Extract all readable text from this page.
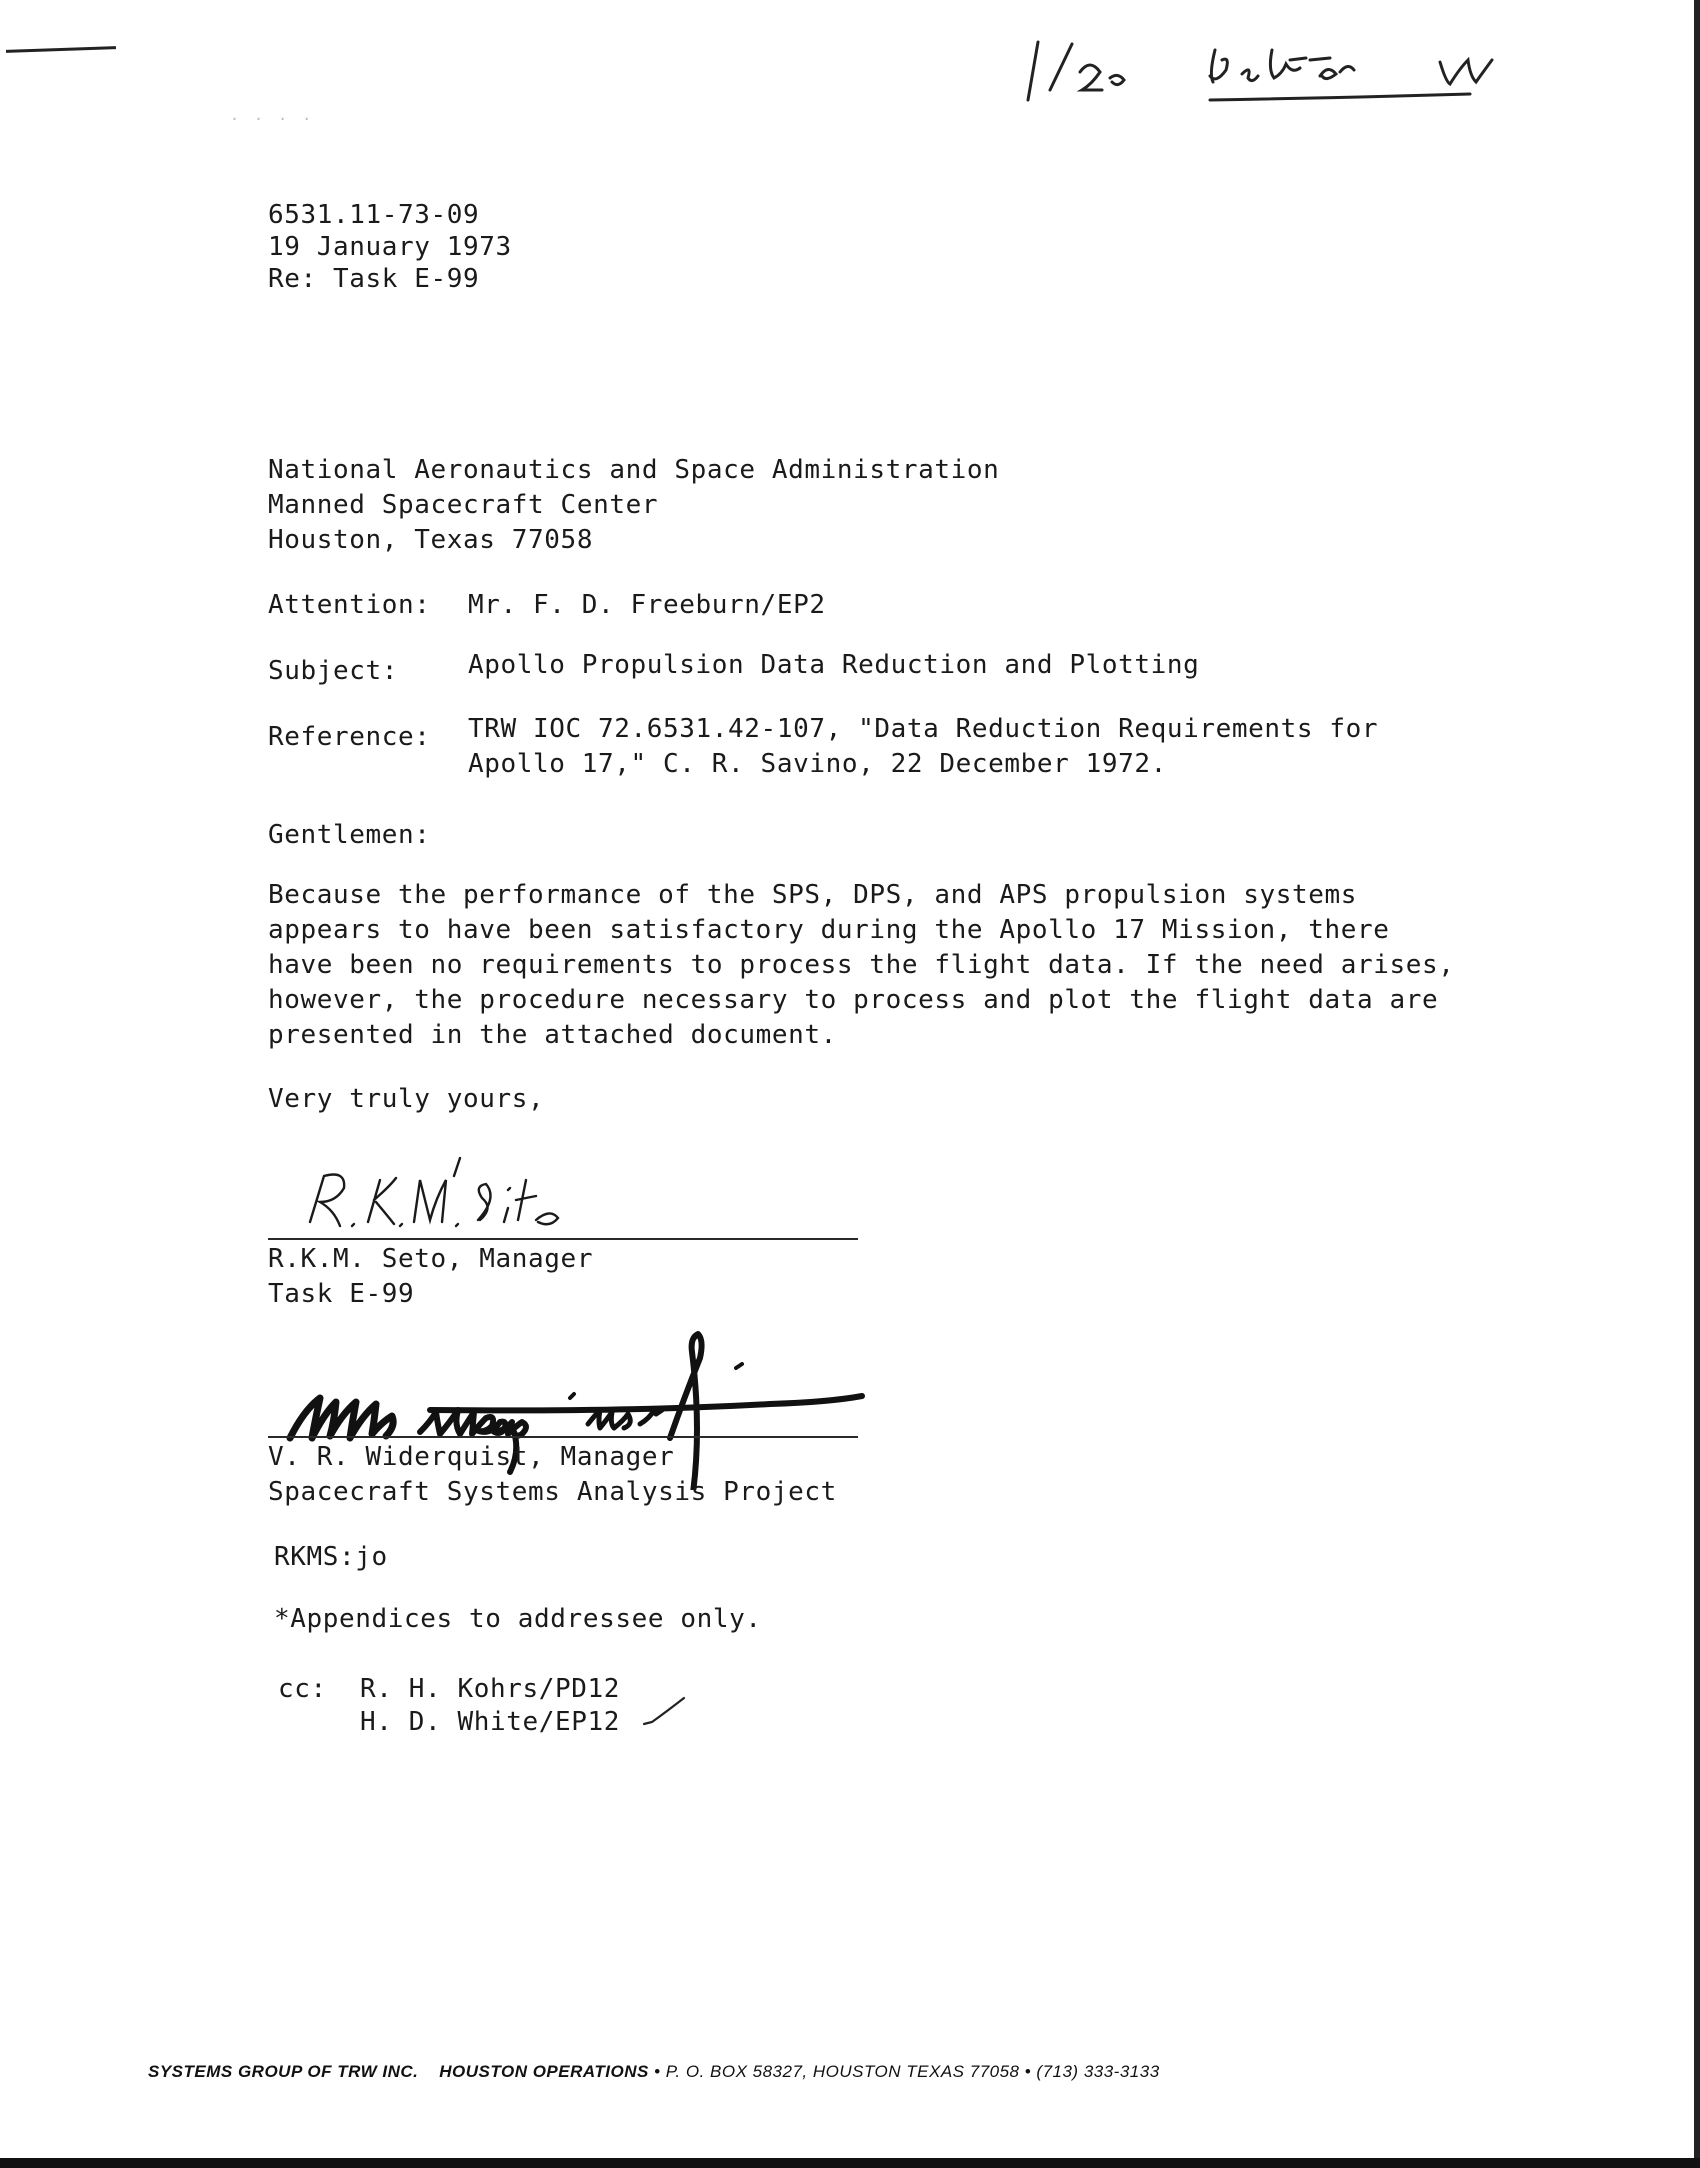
· ⋅ · ⋅
6531.11-73-09
19 January 1973
Re: Task E-99
National Aeronautics and Space Administration
Manned Spacecraft Center
Houston, Texas 77058
Attention: Mr. F. D. Freeburn/EP2
Subject:	Apollo Propulsion Data Reduction and Plotting
Reference: TRW IOC 72.6531.42-107, "Data Reduction Requirements for
Apollo 17," C. R. Savino, 22 December 1972.
Gentlemen:
Because the performance of the SPS, DPS, and APS propulsion systems
appears to have been satisfactory during the Apollo 17 Mission, there
have been no requirements to process the flight data. If the need arises,
however, the procedure necessary to process and plot the flight data are
presented in the attached document.
Very truly yours,
R.K.M. Seto, Manager
Task E-99
V. R. Widerquist, Manager
Spacecraft Systems Analysis Project
RKMS:jo
*Appendices to addressee only.
cc: R. H. Kohrs/PD12
H. D. White/EP12
SYSTEMS GROUP OF TRW INC. HOUSTON OPERATIONS • P. O. BOX 58327, HOUSTON TEXAS 77058 • (713) 333-3133
